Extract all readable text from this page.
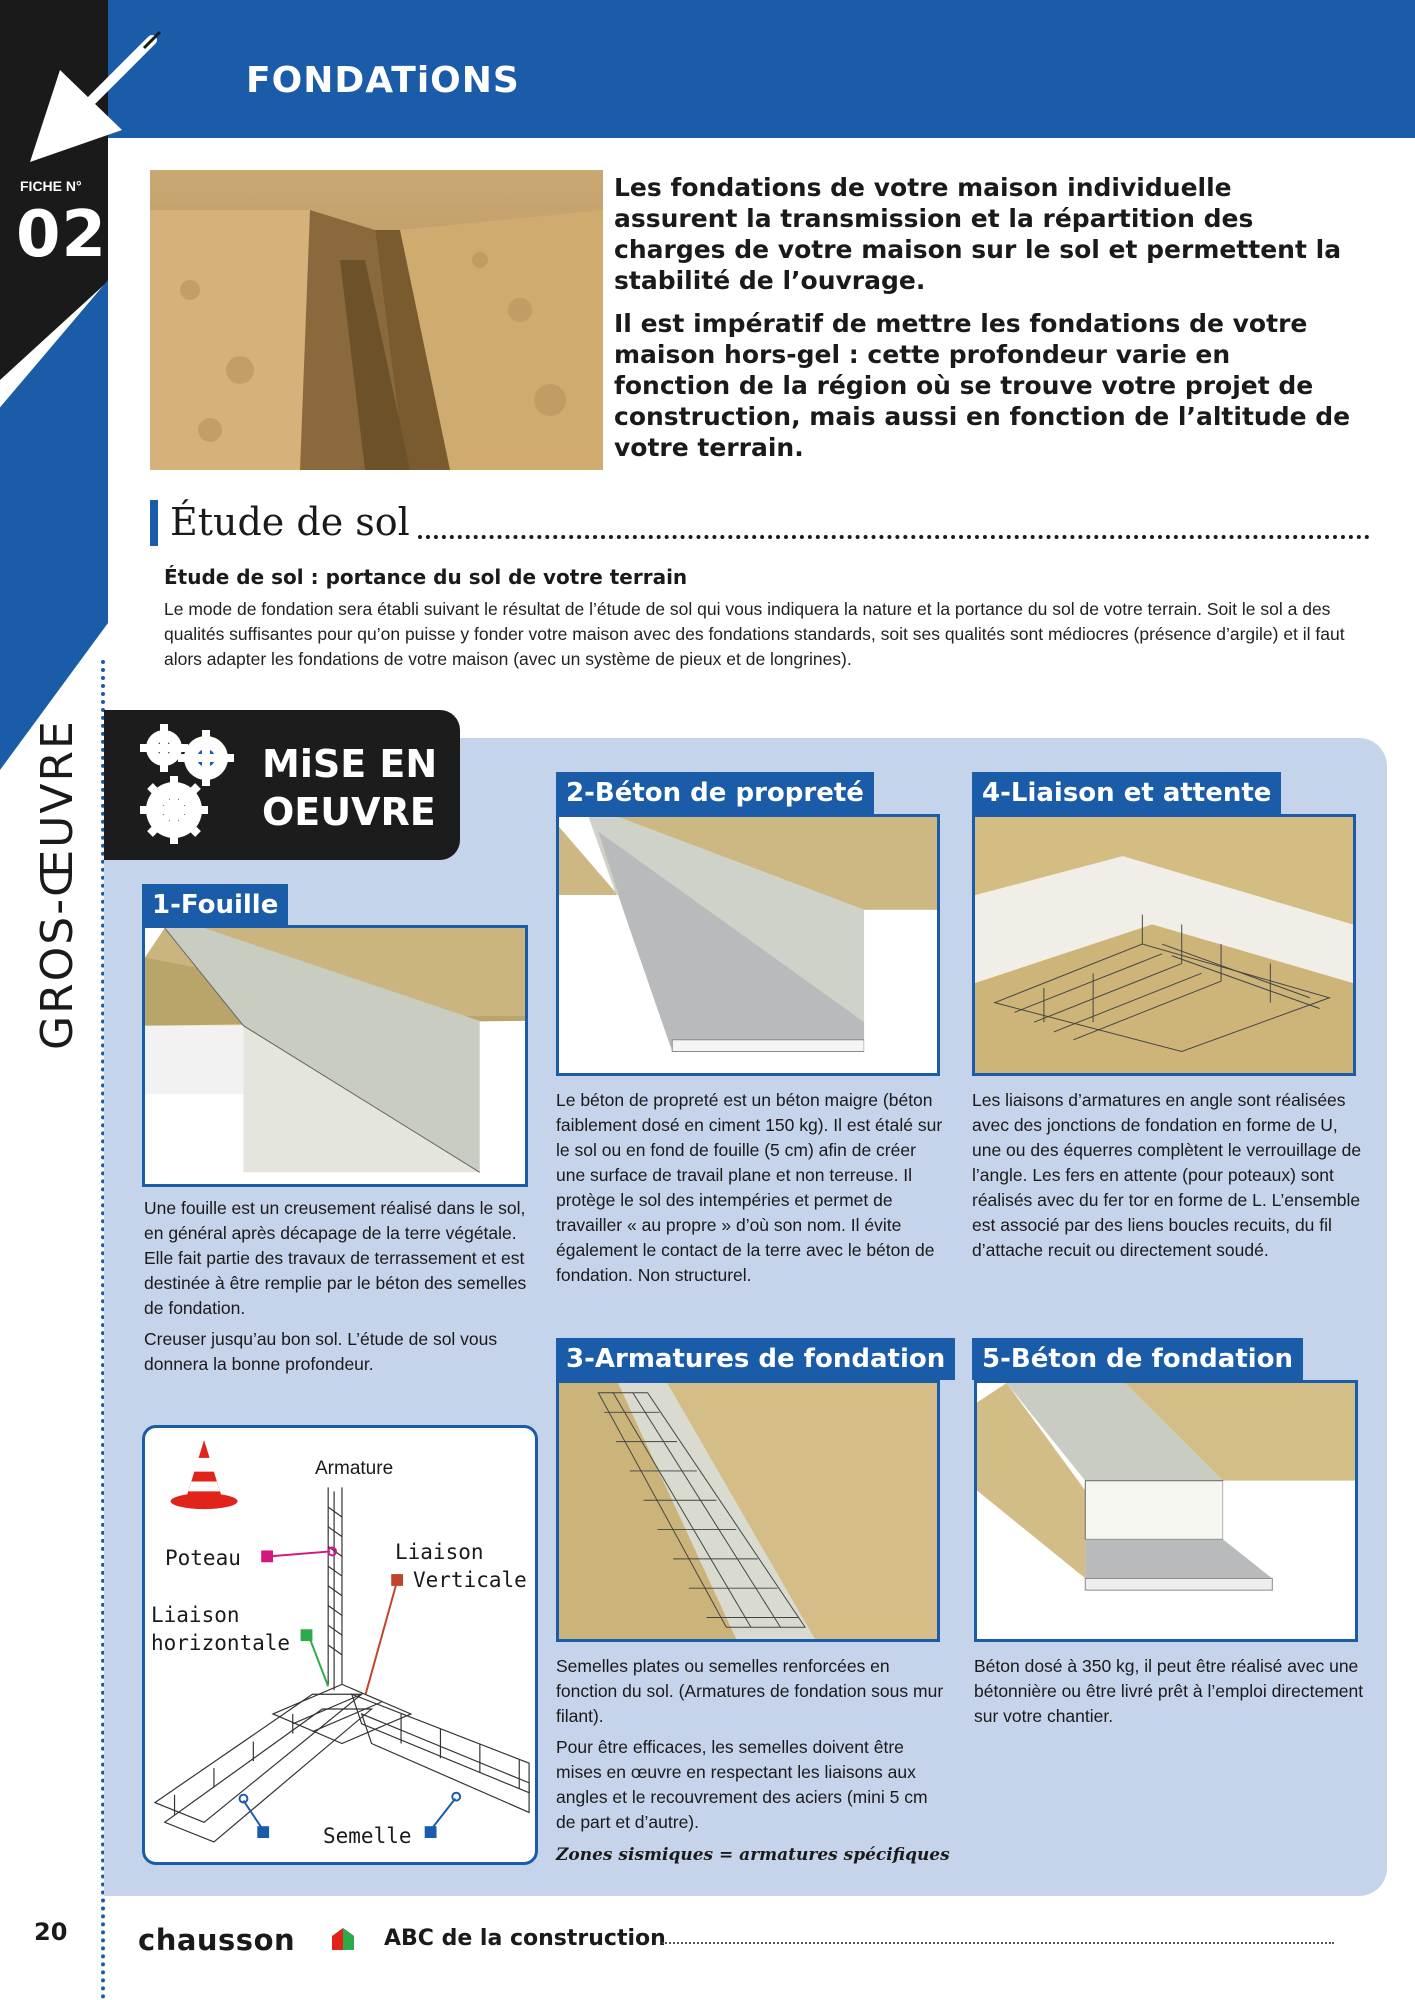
FONDATiONS
FICHE N°
02
GROS-ŒUVRE

Les fondations de votre maison individuelle assurent la transmission et la répartition des charges de votre maison sur le sol et permettent la stabilité de l’ouvrage.

Il est impératif de mettre les fondations de votre maison hors-gel : cette profondeur varie en fonction de la région où se trouve votre projet de construction, mais aussi en fonction de l’altitude de votre terrain.

Étude de sol
Étude de sol : portance du sol de votre terrain
Le mode de fondation sera établi suivant le résultat de l’étude de sol qui vous indiquera la nature et la portance du sol de votre terrain. Soit le sol a des qualités suffisantes pour qu’on puisse y fonder votre maison avec des fondations standards, soit ses qualités sont médiocres (présence d’argile) et il faut alors adapter les fondations de votre maison (avec un système de pieux et de longrines).
MiSE EN
OEUVRE
1-Fouille

Une fouille est un creusement réalisé dans le sol, en général après décapage de la terre végétale. Elle fait partie des travaux de terrassement et est destinée à être remplie par le béton des semelles de fondation.

Creuser jusqu’au bon sol. L’étude de sol vous donnera la bonne profondeur.

2-Béton de propreté

Le béton de propreté est un béton maigre (béton faiblement dosé en ciment 150 kg). Il est étalé sur le sol ou en fond de fouille (5 cm) afin de créer une surface de travail plane et non terreuse. Il protège le sol des intempéries et permet de travailler « au propre » d’où son nom. Il évite également le contact de la terre avec le béton de fondation. Non structurel.

4-Liaison et attente

Les liaisons d’armatures en angle sont réalisées avec des jonctions de fondation en forme de U, une ou des équerres complètent le verrouillage de l’angle. Les fers en attente (pour poteaux) sont réalisés avec du fer tor en forme de L. L’ensemble est associé par des liens boucles recuits, du fil d’attache recuit ou directement soudé.

3-Armatures de fondation

Semelles plates ou semelles renforcées en fonction du sol. (Armatures de fondation sous mur filant).

Pour être efficaces, les semelles doivent être mises en œuvre en respectant les liaisons aux angles et le recouvrement des aciers (mini 5 cm de part et d’autre).

Zones sismiques = armatures spécifiques
5-Béton de fondation

Béton dosé à 350 kg, il peut être réalisé avec une bétonnière ou être livré prêt à l’emploi directement sur votre chantier.

Armature
Poteau	Liaison
Verticale
Liaison
horizontale
Semelle
20 chausson	ABC de la construction
